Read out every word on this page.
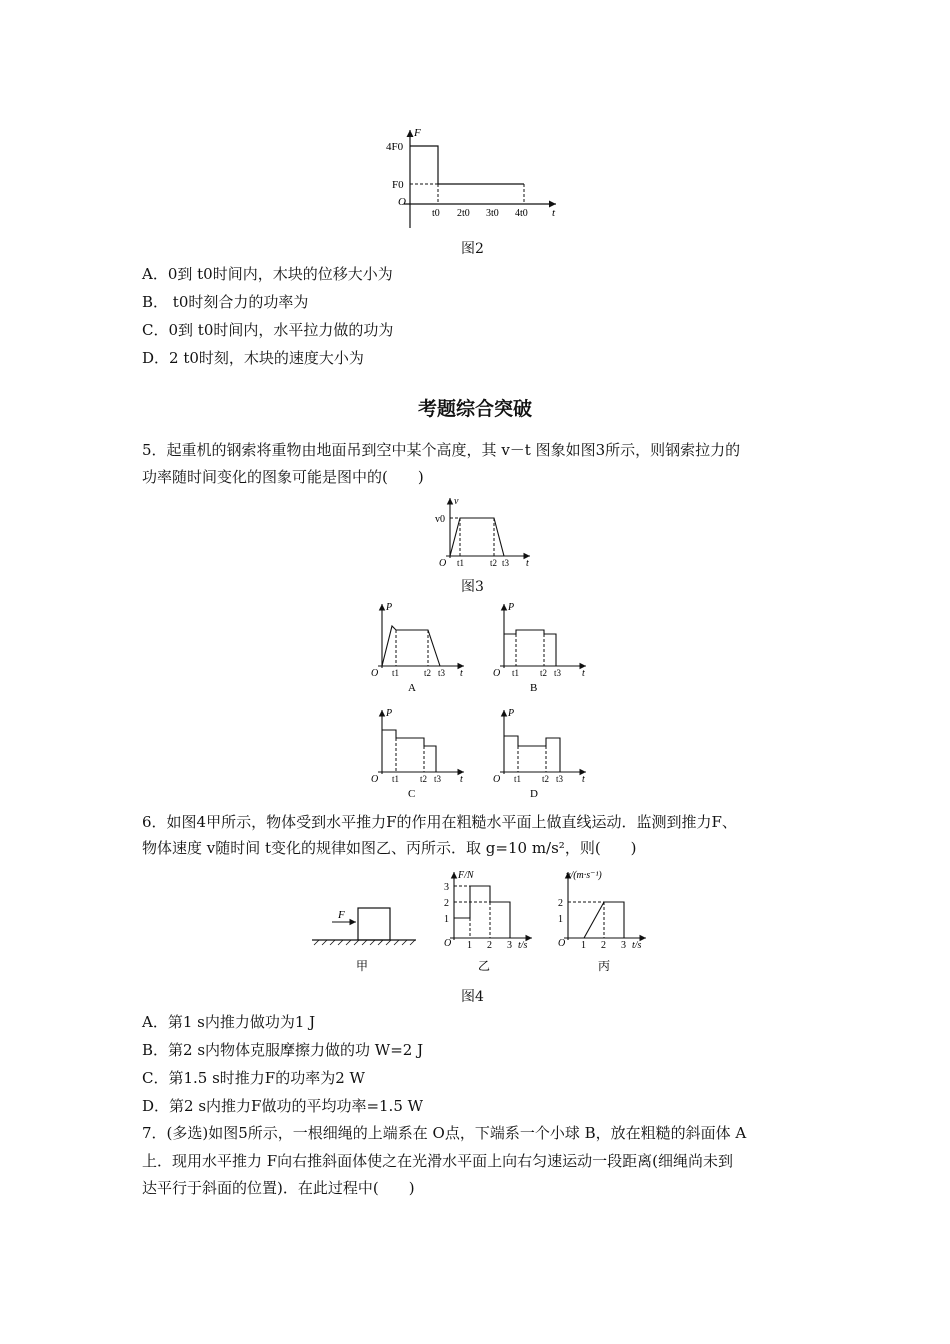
F
4F0
F0
O
t0 2t0 3t0 4t0 t
图2
A．0到 t0时间内，木块的位移大小为
B． t0时刻合力的功率为
C．0到 t0时间内，水平拉力做的功为
D．2 t0时刻，木块的速度大小为
考题综合突破
5．起重机的钢索将重物由地面吊到空中某个高度，其 v－t 图象如图3所示，则钢索拉力的
功率随时间变化的图象可能是图中的(　　)
v
v0
O t1	t2 t3 t
图3
P
O t1	t2 t3 t
A
P
O t1 t2 t3 t
B
P
O t1 t2 t3 t
C
P
O t1 t2 t3 t
D
6．如图4甲所示，物体受到水平推力F的作用在粗糙水平面上做直线运动．监测到推力F、
物体速度 v随时间 t变化的规律如图乙、丙所示．取 g=10 m/s²，则(　　)
F
甲
F/N
1
2
3
O 1 2 3 t/s
乙
v/(m·s⁻¹)
1
2
O 1 2 3 t/s
丙
图4
A．第1 s内推力做功为1 J
B．第2 s内物体克服摩擦力做的功 W=2 J
C．第1.5 s时推力F的功率为2 W
D．第2 s内推力F做功的平均功率=1.5 W
7．(多选)如图5所示，一根细绳的上端系在 O点，下端系一个小球 B，放在粗糙的斜面体 A
上．现用水平推力 F向右推斜面体使之在光滑水平面上向右匀速运动一段距离(细绳尚未到
达平行于斜面的位置)．在此过程中(　　)
